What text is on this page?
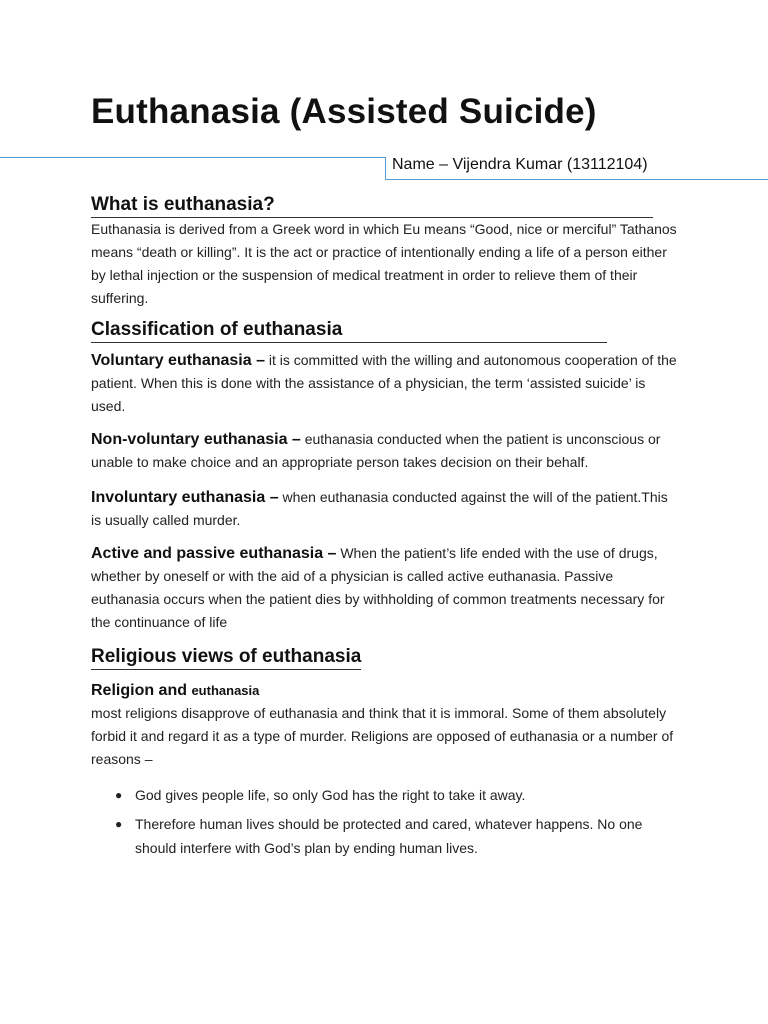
Euthanasia (Assisted Suicide)
Name – Vijendra Kumar (13112104)
What is euthanasia?

Euthanasia is derived from a Greek word in which Eu means “Good, nice or merciful” Tathanos means “death or killing”. It is the act or practice of intentionally ending a life of a person either by lethal injection or the suspension of medical treatment in order to relieve them of their suffering.

Classification of euthanasia

Voluntary euthanasia – it is committed with the willing and autonomous cooperation of the patient. When this is done with the assistance of a physician, the term ‘assisted suicide’ is used.

Non-voluntary euthanasia – euthanasia conducted when the patient is unconscious or unable to make choice and an appropriate person takes decision on their behalf.

Involuntary euthanasia – when euthanasia conducted against the will of the patient.This is usually called murder.

Active and passive euthanasia – When the patient’s life ended with the use of drugs, whether by oneself or with the aid of a physician is called active euthanasia. Passive euthanasia occurs when the patient dies by withholding of common treatments necessary for the continuance of life

Religious views of euthanasia
Religion and euthanasia

most religions disapprove of euthanasia and think that it is immoral. Some of them absolutely forbid it and regard it as a type of murder. Religions are opposed of euthanasia or a number of reasons –

● God gives people life, so only God has the right to take it away.
● Therefore human lives should be protected and cared, whatever happens. No one should interfere with God’s plan by ending human lives.
